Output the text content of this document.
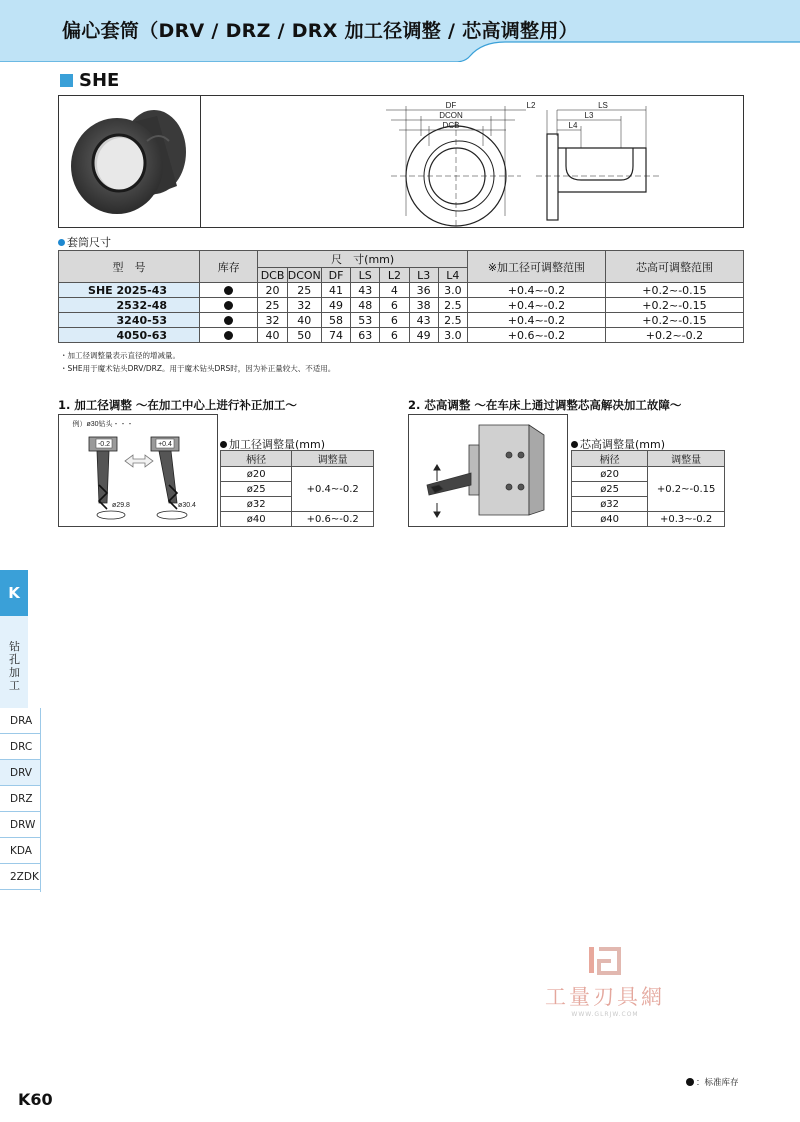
偏心套筒（DRV / DRZ / DRX 加工径调整 / 芯高调整用）
SHE
DF
DCON
DCB
L2	LS
L3
L4
套筒尺寸
型　号	库存	尺　寸(mm)							※加工径可调整范围	芯高可调整范围
		DCB	DCON	DF	LS	L2	L3	L4		
SHE 2025-43		20	25	41	43	4	36	3.0	+0.4~-0.2	+0.2~-0.15
2532-48		25	32	49	48	6	38	2.5	+0.4~-0.2	+0.2~-0.15
3240-53		32	40	58	53	6	43	2.5	+0.4~-0.2	+0.2~-0.15
4050-63		40	50	74	63	6	49	3.0	+0.6~-0.2	+0.2~-0.2
・加工径调整量表示直径的增减量。
・SHE用于魔术钻头DRV/DRZ。用于魔术钻头DRS时，因为补正量较大、不适用。
1. 加工径调整 ～在加工中心上进行补正加工～
例）ø30钻头・・・
-0.2	+0.4
ø29.8	ø30.4
加工径调整量(mm)
柄径	调整量
ø20	+0.4~-0.2
ø25	
ø32	
ø40	+0.6~-0.2
2. 芯高调整 ～在车床上通过调整芯高解决加工故障～
芯高调整量(mm)
柄径	调整量
ø20	+0.2~-0.15
ø25	
ø32	
ø40	+0.3~-0.2
K
钻孔加工
DRA
DRC
DRV
DRZ
DRW
KDA
2ZDK
工量刃具網
WWW.GLRJW.COM
：标准库存
K60
